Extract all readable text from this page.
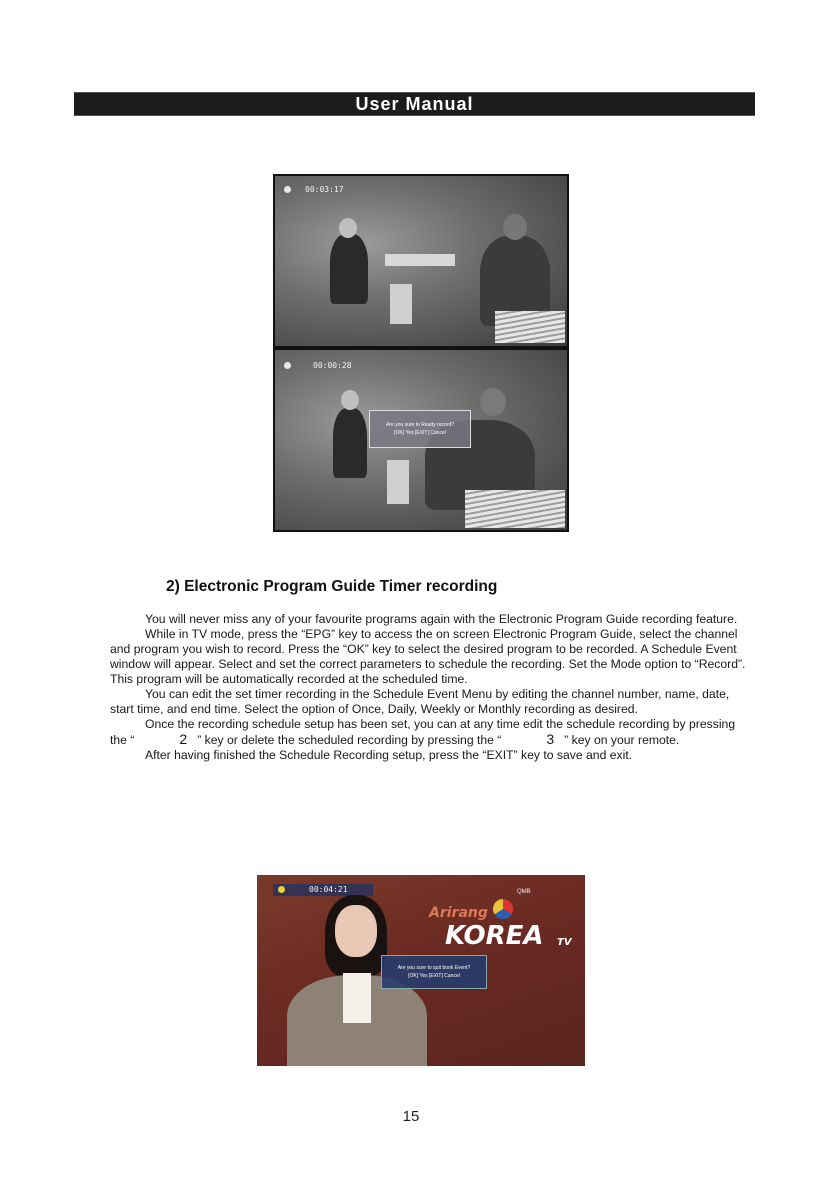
User Manual
00:03:17
00:00:28
Are you sure to Ready record?
[OK] Yes [EXIT] Cancel
2) Electronic Program Guide Timer recording

You will never miss any of your favourite programs again with the Electronic Program Guide recording feature.

While in TV mode, press the “EPG” key to access the on screen Electronic Program Guide, select the channel and program you wish to record. Press the “OK” key to select the desired program to be recorded. A Schedule Event window will appear. Select and set the correct parameters to schedule the recording. Set the Mode option to “Record”. This program will be automatically recorded at the scheduled time.

You can edit the set timer recording in the Schedule Event Menu by editing the channel number, name, date, start time, and end time. Select the option of Once, Daily, Weekly or Monthly recording as desired.

Once the recording schedule setup has been set, you can at any time edit the schedule recording by pressing the “	2 ” key or delete the scheduled recording by pressing the “	3 ” key on your remote.

After having finished the Schedule Recording setup, press the “EXIT” key to save and exit.

00:04:21	QMB
Arirang
KOREA TV
Are you sure to quit book Event?
[OK] Yes [EXIT] Cancel
15
